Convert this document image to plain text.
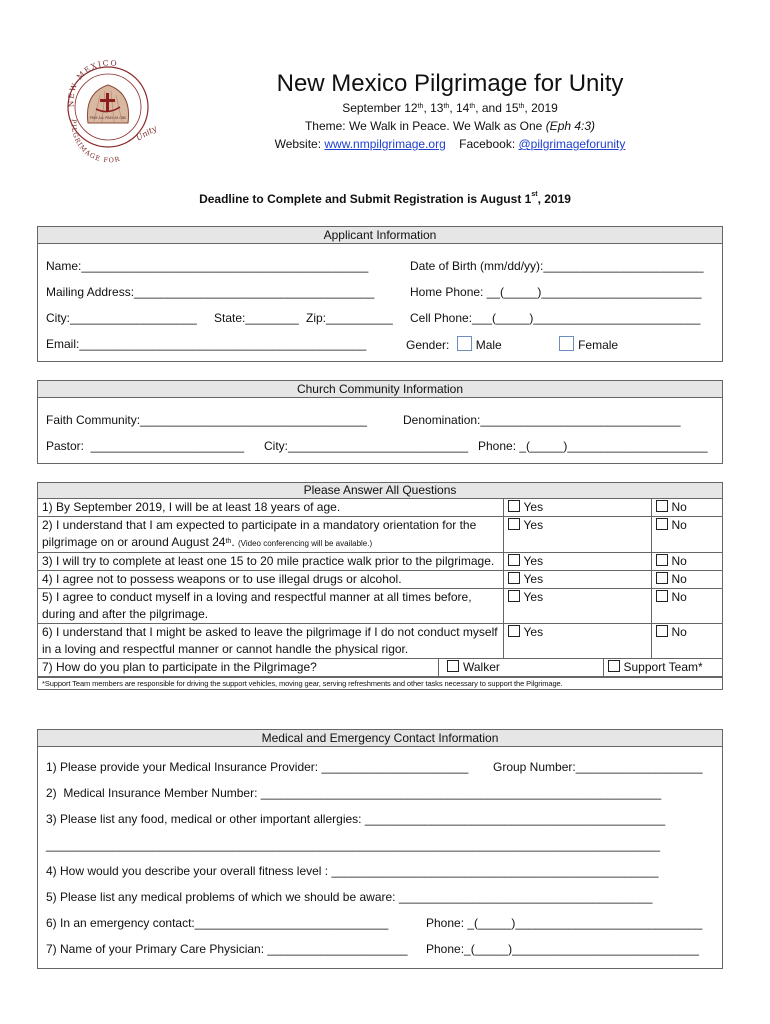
NEW MEXICO
PILGRIMAGE FOR
Unity
PRAY ALL PRAY AS ONE
New Mexico Pilgrimage for Unity
September 12th, 13th, 14th, and 15th, 2019
Theme: We Walk in Peace. We Walk as One (Eph 4:3)
Website: www.nmpilgrimage.org Facebook: @pilgrimageforunity
Deadline to Complete and Submit Registration is August 1st, 2019
Applicant Information
Name:___________________________________________	Date of Birth (mm/dd/yy):________________________
Mailing Address:____________________________________	Home Phone: __(_____)________________________
City:___________________ State:________ Zip:__________ Cell Phone:___(_____)_________________________
Email:___________________________________________	Gender: Male	Female
Church Community Information
Faith Community:__________________________________	Denomination:______________________________
Pastor:  _______________________ City:___________________________ Phone: _(_____)_____________________
Please Answer All Questions
1) By September 2019, I will be at least 18 years of age.	Yes		No
2) I understand that I am expected to participate in a mandatory orientation for the pilgrimage on or around August 24th. (Video conferencing will be available.)	Yes		No
3) I will try to complete at least one 15 to 20 mile practice walk prior to the pilgrimage.	Yes		No
4) I agree not to possess weapons or to use illegal drugs or alcohol.	Yes		No
5) I agree to conduct myself in a loving and respectful manner at all times before, during and after the pilgrimage.	Yes		No
6) I understand that I might be asked to leave the pilgrimage if I do not conduct myself in a loving and respectful manner or cannot handle the physical rigor.	Yes		No
7) How do you plan to participate in the Pilgrimage? Walker		Support Team*	
*Support Team members are responsible for driving the support vehicles, moving gear, serving refreshments and other tasks necessary to support the Pilgrimage.
Medical and Emergency Contact Information
1) Please provide your Medical Insurance Provider: ______________________ Group Number:___________________
2)  Medical Insurance Member Number: ____________________________________________________________
3) Please list any food, medical or other important allergies: _____________________________________________
____________________________________________________________________________________________
4) How would you describe your overall fitness level : _________________________________________________
5) Please list any medical problems of which we should be aware: ______________________________________
6) In an emergency contact:_____________________________	Phone: _(_____)____________________________
7) Name of your Primary Care Physician: _____________________ Phone:_(_____)____________________________
